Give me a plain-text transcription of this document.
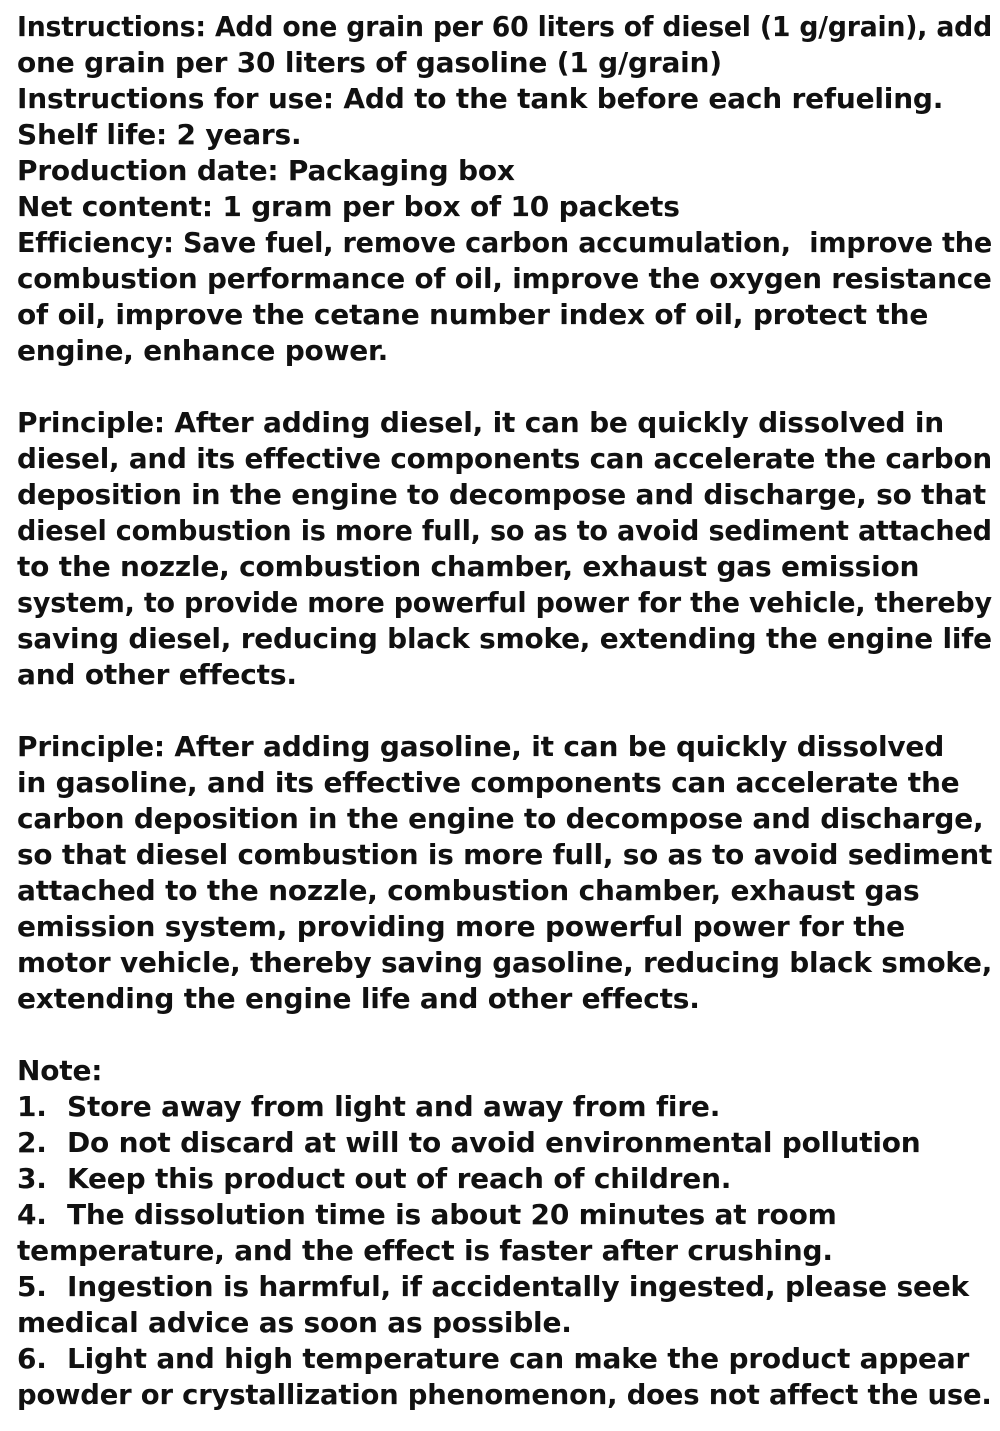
Instructions: Add one grain per 60 liters of diesel (1 g/grain), add
one grain per 30 liters of gasoline (1 g/grain)
Instructions for use: Add to the tank before each refueling.
Shelf life: 2 years.
Production date: Packaging box
Net content: 1 gram per box of 10 packets
Efficiency: Save fuel, remove carbon accumulation,  improve the
combustion performance of oil, improve the oxygen resistance
of oil, improve the cetane number index of oil, protect the
engine, enhance power.
Principle: After adding diesel, it can be quickly dissolved in
diesel, and its effective components can accelerate the carbon
deposition in the engine to decompose and discharge, so that
diesel combustion is more full, so as to avoid sediment attached
to the nozzle, combustion chamber, exhaust gas emission
system, to provide more powerful power for the vehicle, thereby
saving diesel, reducing black smoke, extending the engine life
and other effects.
Principle: After adding gasoline, it can be quickly dissolved
in gasoline, and its effective components can accelerate the
carbon deposition in the engine to decompose and discharge,
so that diesel combustion is more full, so as to avoid sediment
attached to the nozzle, combustion chamber, exhaust gas
emission system, providing more powerful power for the
motor vehicle, thereby saving gasoline, reducing black smoke,
extending the engine life and other effects.
Note:
1. Store away from light and away from fire.
2. Do not discard at will to avoid environmental pollution
3. Keep this product out of reach of children.
4. The dissolution time is about 20 minutes at room
temperature, and the effect is faster after crushing.
5. Ingestion is harmful, if accidentally ingested, please seek
medical advice as soon as possible.
6. Light and high temperature can make the product appear
powder or crystallization phenomenon, does not affect the use.
